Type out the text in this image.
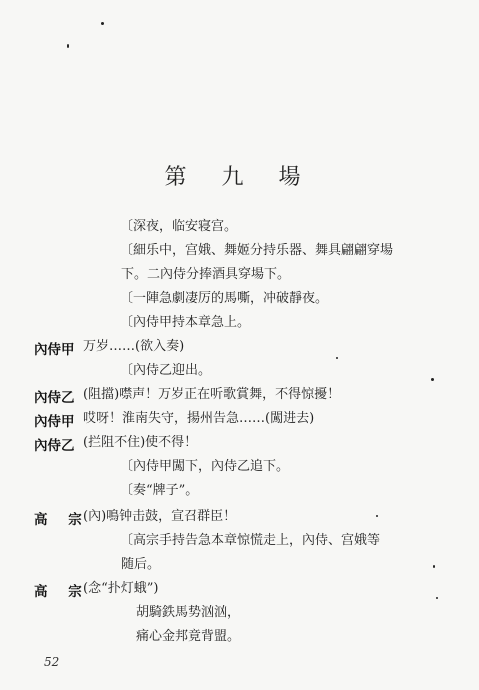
第 九 場
〔深夜，临安寝宫。
〔細乐中，宫娥、舞姬分持乐器、舞具翩翩穿場
下。二內侍分捧酒具穿場下。
〔一陣急劇凄厉的馬嘶，冲破靜夜。
〔內侍甲持本章急上。
內侍甲 万岁……(欲入奏)
〔內侍乙迎出。
內侍乙 (阻擋)噤声！万岁正在听歌賞舞，不得惊擾！
內侍甲 哎呀！淮南失守，揚州告急……(闖进去)
內侍乙 (拦阻不住)使不得！
〔內侍甲闖下，內侍乙追下。
〔奏“牌子”。
高 宗
(內)鳴钟击鼓，宣召群臣！
〔高宗手持告急本章惊慌走上，內侍、宫娥等
随后。
高 宗
(念“扑灯蛾”)
胡騎鉄馬势汹汹，
痛心金邦竟背盟。
52
